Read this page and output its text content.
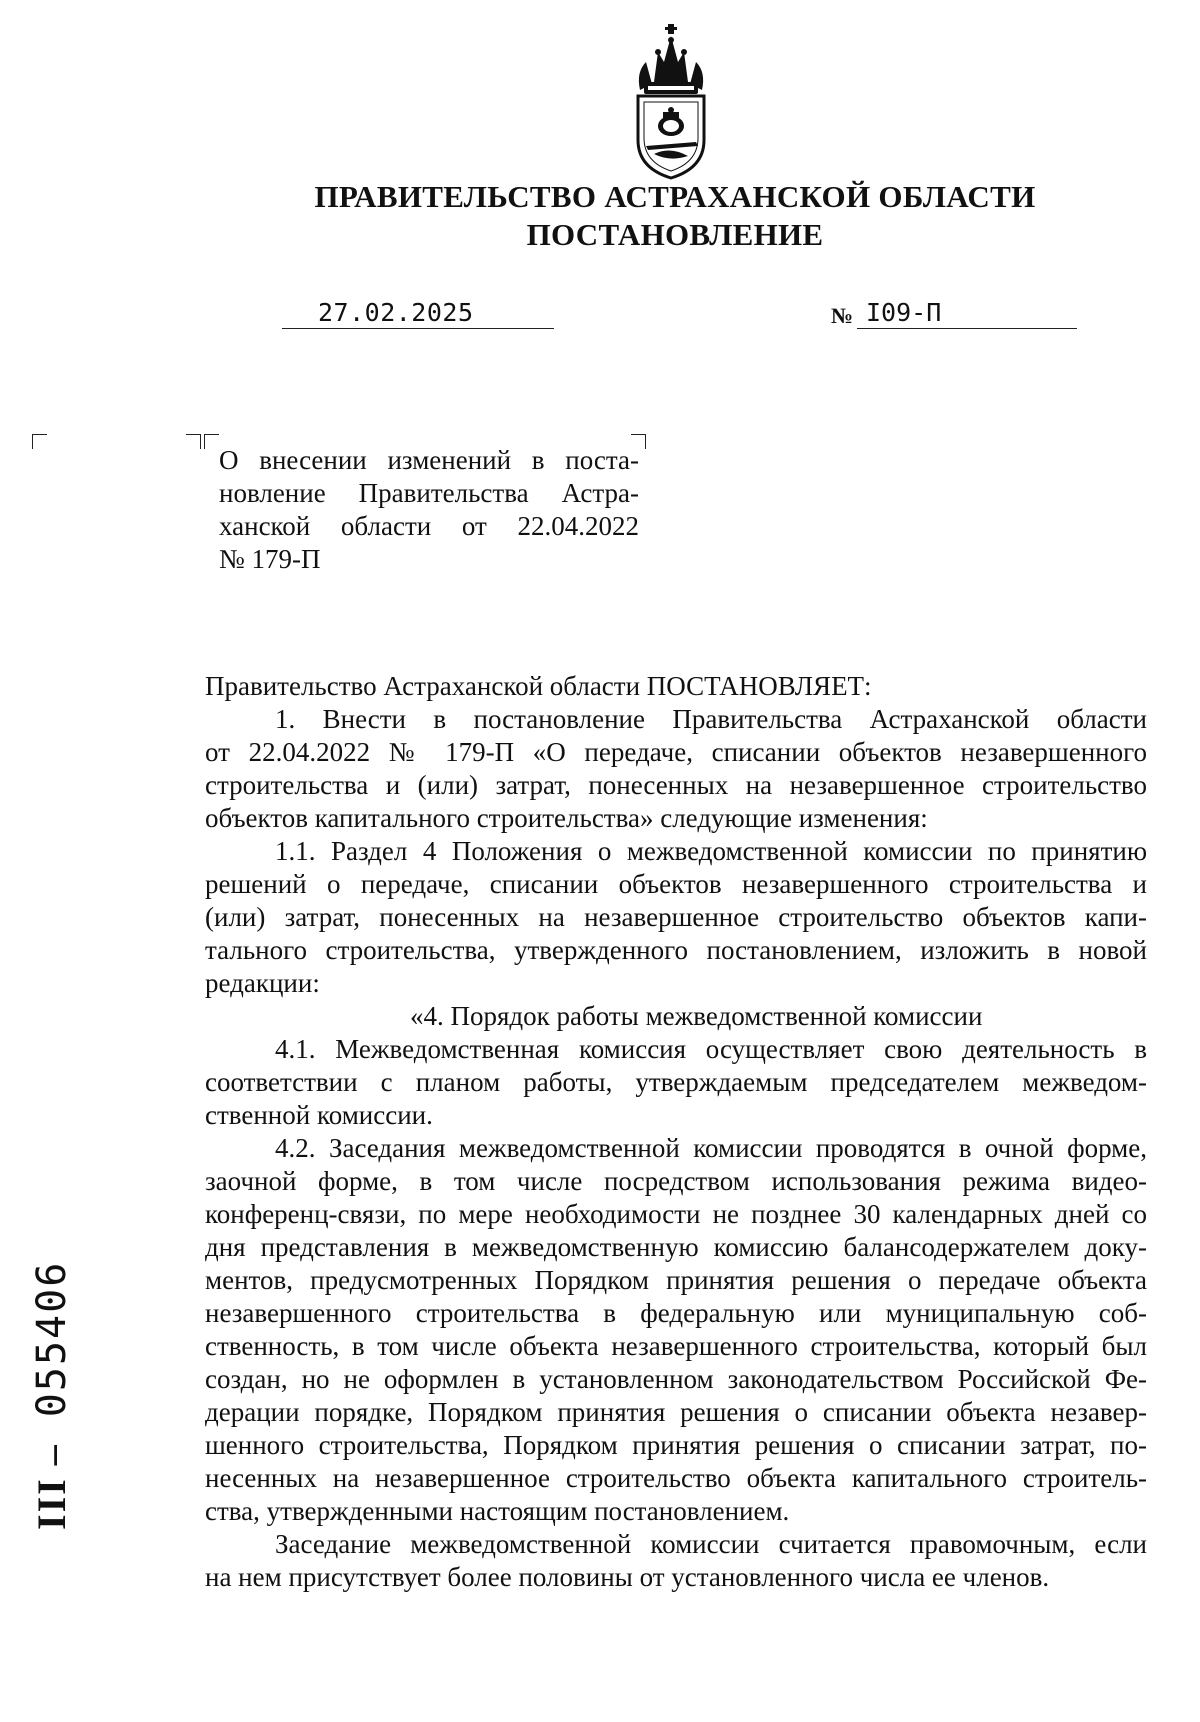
ПРАВИТЕЛЬСТВО АСТРАХАНСКОЙ ОБЛАСТИ
ПОСТАНОВЛЕНИЕ
27.02.2025	№ I09-П
О внесении изменений в поста-
новление Правительства Астра-
ханской области от 22.04.2022
№ 179-П
Правительство Астраханской области ПОСТАНОВЛЯЕТ:
1. Внести в постановление Правительства Астраханской области
от 22.04.2022 № 179-П «О передаче, списании объектов незавершенного
строительства и (или) затрат, понесенных на незавершенное строительство
объектов капитального строительства» следующие изменения:
1.1. Раздел 4 Положения о межведомственной комиссии по принятию
решений о передаче, списании объектов незавершенного строительства и
(или) затрат, понесенных на незавершенное строительство объектов капи-
тального строительства, утвержденного постановлением, изложить в новой
редакции:
«4. Порядок работы межведомственной комиссии
4.1. Межведомственная комиссия осуществляет свою деятельность в
соответствии с планом работы, утверждаемым председателем межведом-
ственной комиссии.
4.2. Заседания межведомственной комиссии проводятся в очной форме,
заочной форме, в том числе посредством использования режима видео-
конференц-связи, по мере необходимости не позднее 30 календарных дней со
дня представления в межведомственную комиссию балансодержателем доку-
ментов, предусмотренных Порядком принятия решения о передаче объекта
незавершенного строительства в федеральную или муниципальную соб-
ственность, в том числе объекта незавершенного строительства, который был
создан, но не оформлен в установленном законодательством Российской Фе-
дерации порядке, Порядком принятия решения о списании объекта незавер-
шенного строительства, Порядком принятия решения о списании затрат, по-
несенных на незавершенное строительство объекта капитального строитель-
ства, утвержденными настоящим постановлением.
Заседание межведомственной комиссии считается правомочным, если
на нем присутствует более половины от установленного числа ее членов.
ІІІ – 055406
